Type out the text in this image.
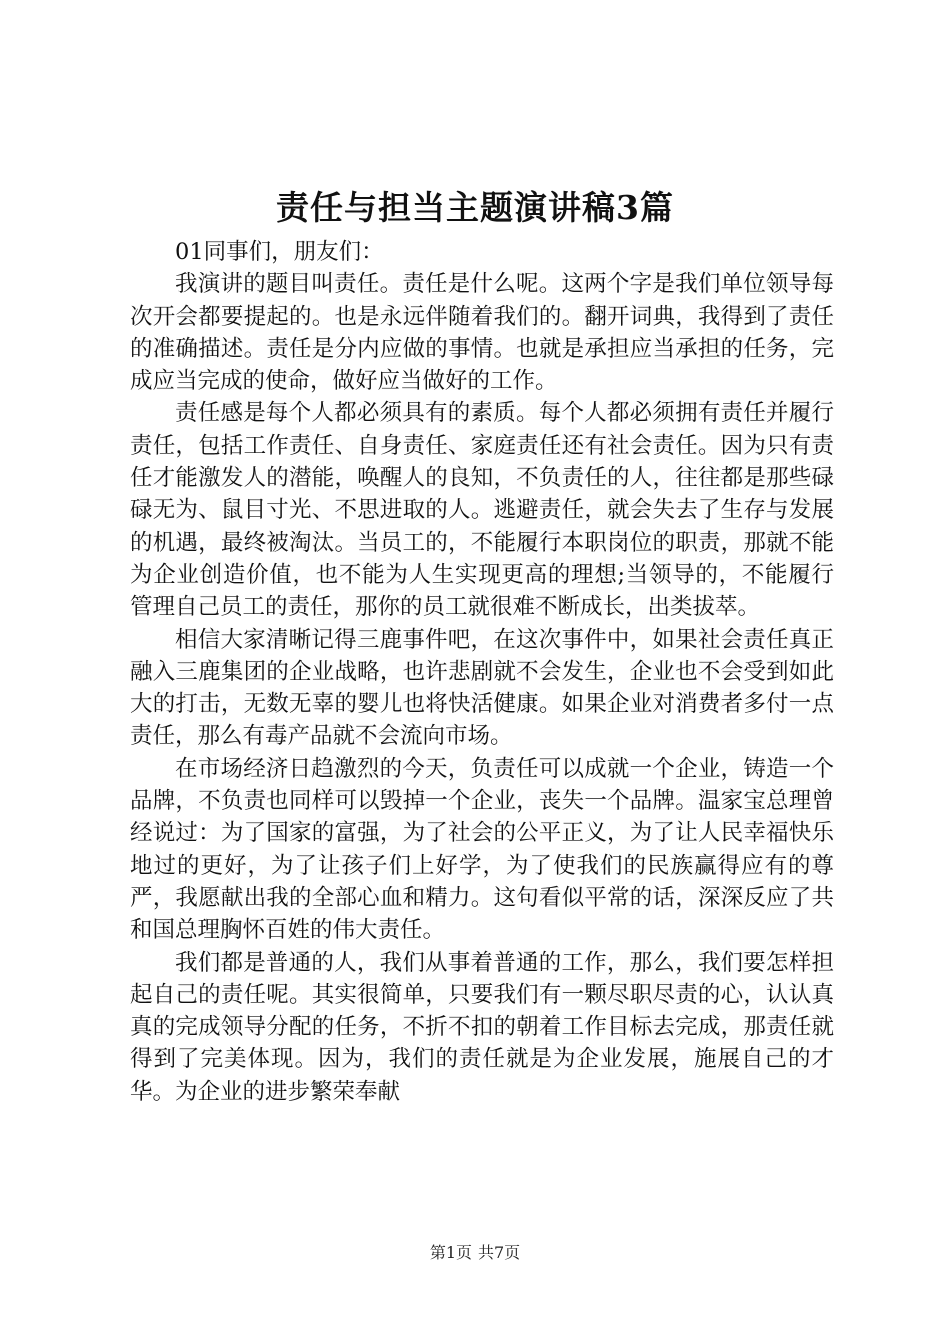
责任与担当主题演讲稿3篇

01同事们，朋友们：

我演讲的题目叫责任。责任是什么呢。这两个字是我们单位领导每次开会都要提起的。也是永远伴随着我们的。翻开词典，我得到了责任的准确描述。责任是分内应做的事情。也就是承担应当承担的任务，完成应当完成的使命，做好应当做好的工作。

责任感是每个人都必须具有的素质。每个人都必须拥有责任并履行责任，包括工作责任、自身责任、家庭责任还有社会责任。因为只有责任才能激发人的潜能，唤醒人的良知，不负责任的人，往往都是那些碌碌无为、鼠目寸光、不思进取的人。逃避责任，就会失去了生存与发展的机遇，最终被淘汰。当员工的，不能履行本职岗位的职责，那就不能为企业创造价值，也不能为人生实现更高的理想;当领导的，不能履行管理自己员工的责任，那你的员工就很难不断成长，出类拔萃。

相信大家清晰记得三鹿事件吧，在这次事件中，如果社会责任真正融入三鹿集团的企业战略，也许悲剧就不会发生，企业也不会受到如此大的打击，无数无辜的婴儿也将快活健康。如果企业对消费者多付一点责任，那么有毒产品就不会流向市场。

在市场经济日趋激烈的今天，负责任可以成就一个企业，铸造一个品牌，不负责也同样可以毁掉一个企业，丧失一个品牌。温家宝总理曾经说过：为了国家的富强，为了社会的公平正义，为了让人民幸福快乐地过的更好，为了让孩子们上好学，为了使我们的民族赢得应有的尊严，我愿献出我的全部心血和精力。这句看似平常的话，深深反应了共和国总理胸怀百姓的伟大责任。

我们都是普通的人，我们从事着普通的工作，那么，我们要怎样担起自己的责任呢。其实很简单，只要我们有一颗尽职尽责的心，认认真真的完成领导分配的任务，不折不扣的朝着工作目标去完成，那责任就得到了完美体现。因为，我们的责任就是为企业发展，施展自己的才华。为企业的进步繁荣奉献

第1页 共7页
